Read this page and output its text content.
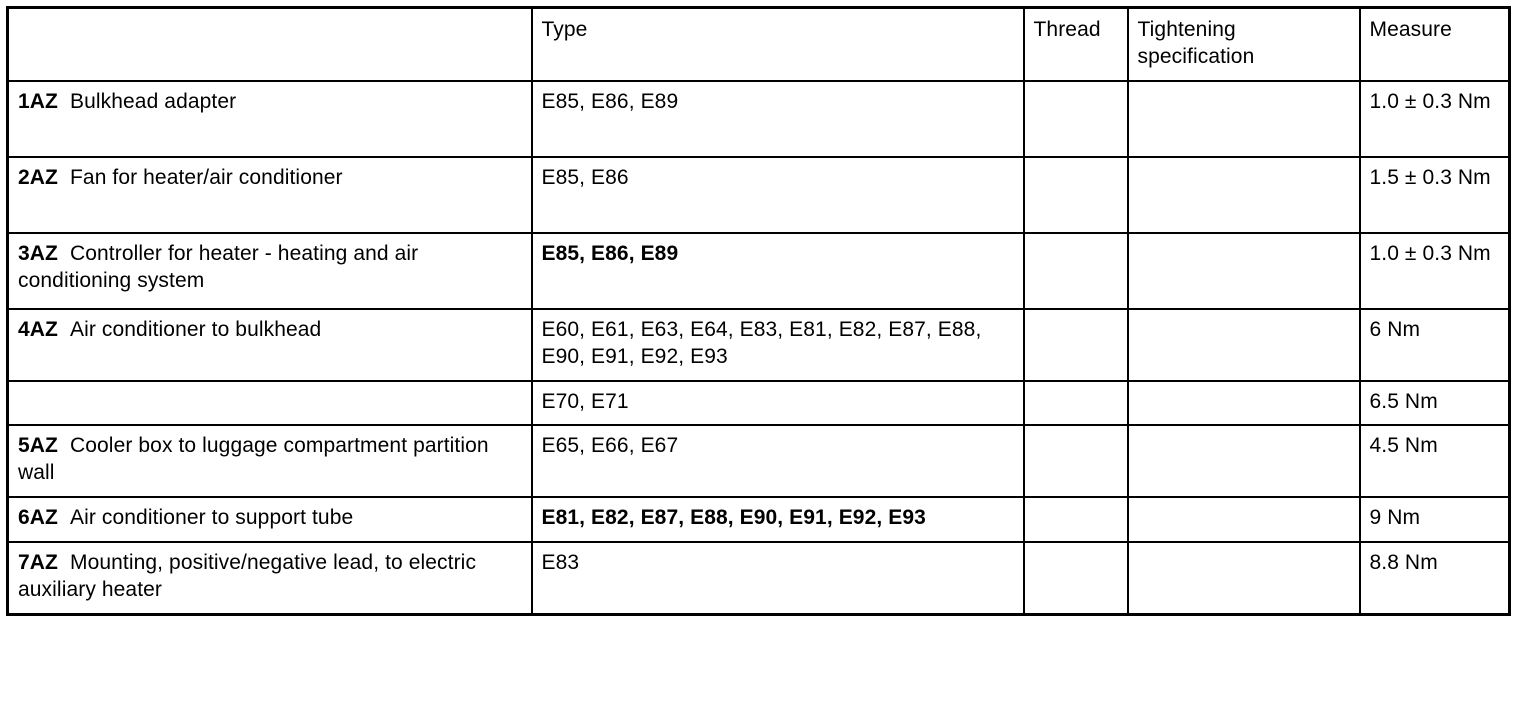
	Type	Thread	Tightening specification	Measure
1AZ Bulkhead adapter	E85, E86, E89			1.0 ± 0.3 Nm
2AZ Fan for heater/air conditioner	E85, E86			1.5 ± 0.3 Nm
3AZ Controller for heater - heating and air conditioning system	E85, E86, E89			1.0 ± 0.3 Nm
4AZ Air conditioner to bulkhead	E60, E61, E63, E64, E83, E81, E82, E87, E88, E90, E91, E92, E93			6 Nm
	E70, E71			6.5 Nm
5AZ Cooler box to luggage compartment partition wall	E65, E66, E67			4.5 Nm
6AZ Air conditioner to support tube	E81, E82, E87, E88, E90, E91, E92, E93			9 Nm
7AZ Mounting, positive/negative lead, to electric auxiliary heater	E83			8.8 Nm
